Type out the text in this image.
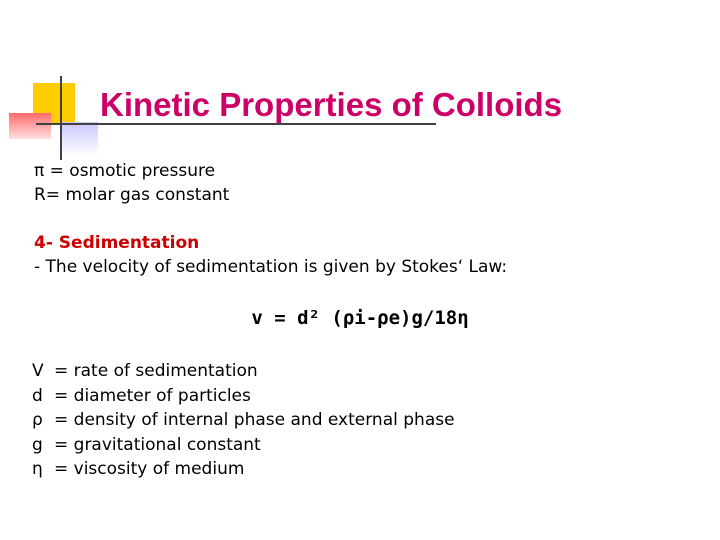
Kinetic Properties of Colloids
π = osmotic pressure
R= molar gas constant
4- Sedimentation
- The velocity of sedimentation is given by Stokes‘ Law:
v = d² (ρi-ρe)g/18η
V = rate of sedimentation
d = diameter of particles
ρ = density of internal phase and external phase
g = gravitational constant
η = viscosity of medium
